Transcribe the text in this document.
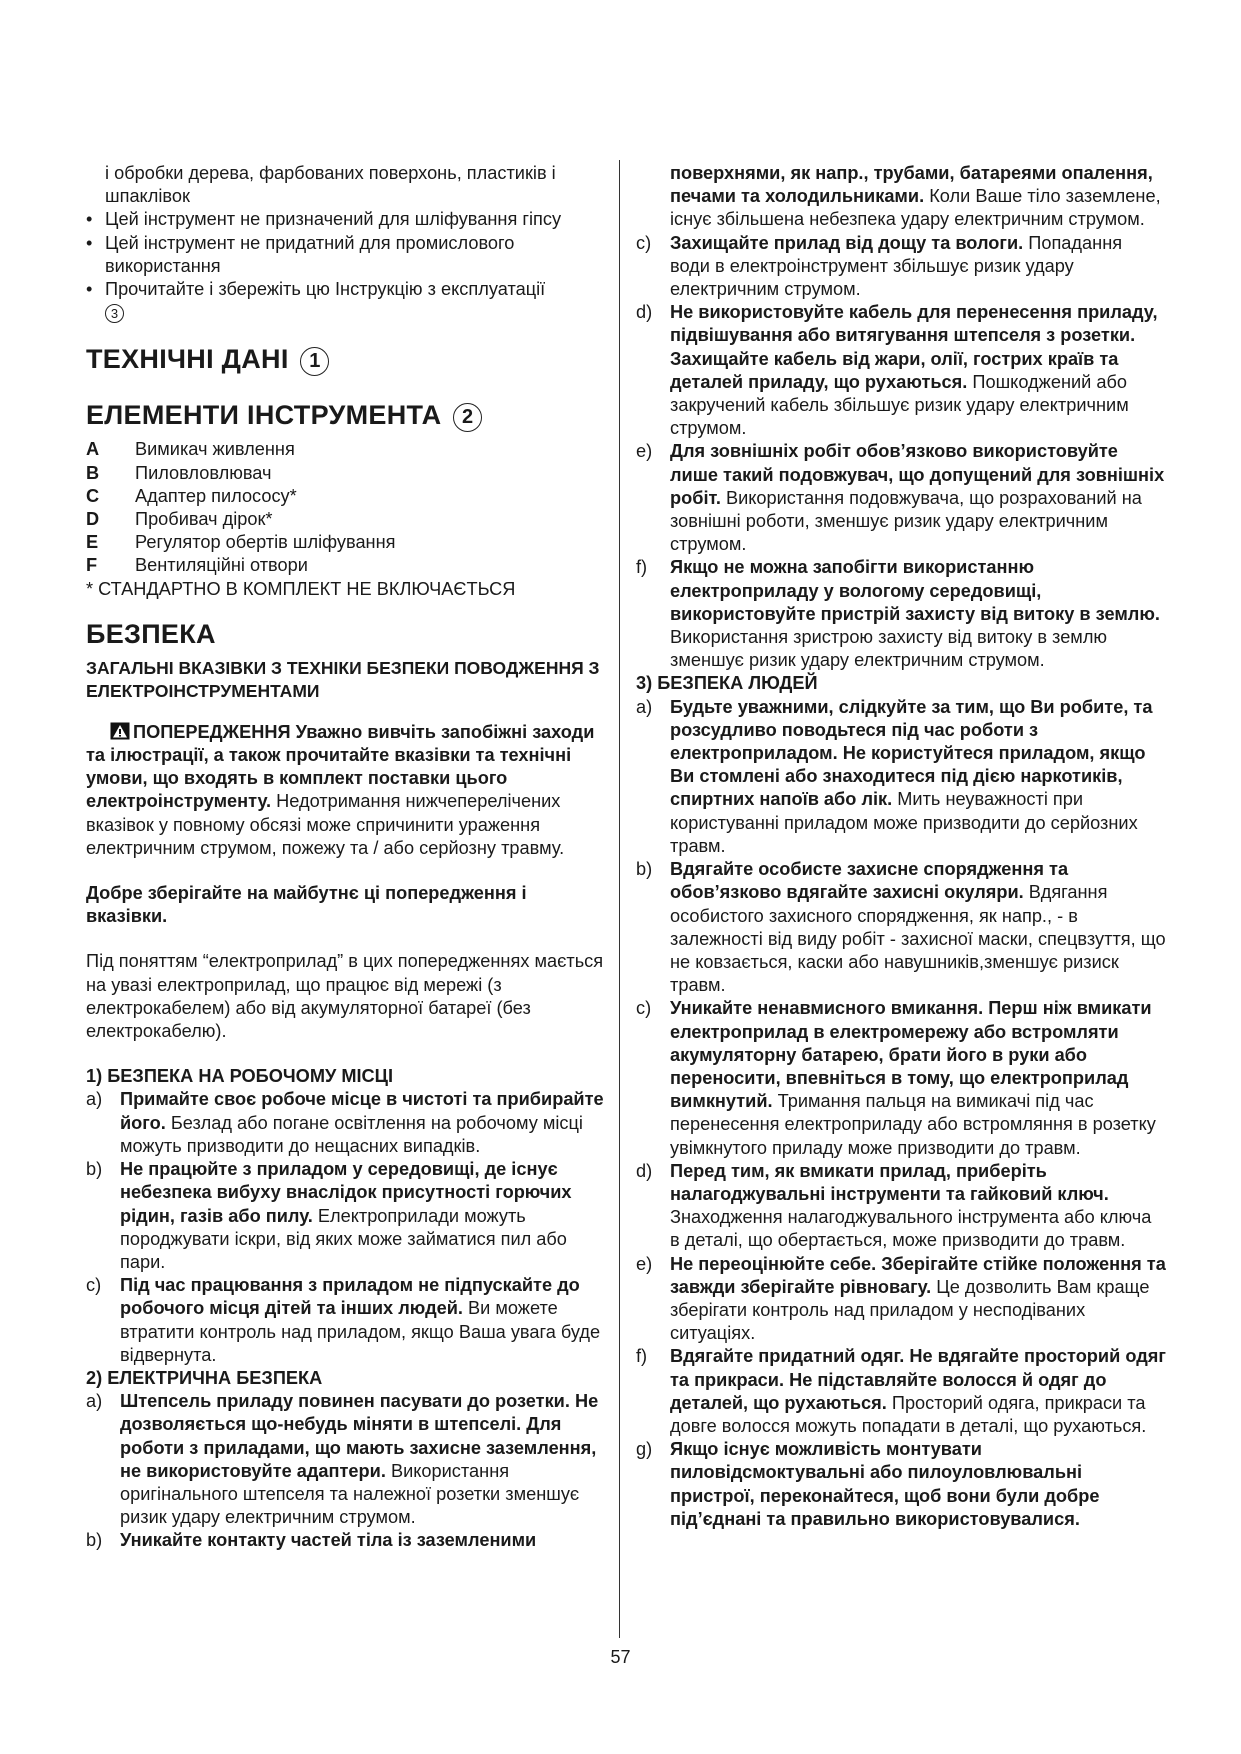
і обробки дерева, фарбованих поверхонь, пластиків і шпаклівок

• Цей інструмент не призначений для шліфування гіпсу

• Цей інструмент не придатний для промислового використання

• Прочитайте і збережіть цю Інструкцію з експлуатації
3

ТЕХНІЧНІ ДАНІ 1
ЕЛЕМЕНТИ ІНСТРУМЕНТА 2
A	Вимикач живлення
B	Пиловловлювач
C	Адаптер пилососу*
D	Пробивач дірок*
E	Регулятор обертів шліфування
F	Вентиляційні отвори

* СТАНДАРТНО В КОМПЛЕКТ НЕ ВКЛЮЧАЄТЬСЯ

БЕЗПЕКА
ЗАГАЛЬНІ ВКАЗІВКИ З ТЕХНІКИ БЕЗПЕКИ ПОВОДЖЕННЯ З ЕЛЕКТРОІНСТРУМЕНТАМИ

ПОПЕРЕДЖЕННЯ Уважно вивчіть запобіжні заходи та ілюстрації, а також прочитайте вказівки та технічні умови, що входять в комплект поставки цього електроінструменту. Недотримання нижчеперелічених вказівок у повному обсязі може спричинити ураження електричним струмом, пожежу та / або серйозну травму.

Добре зберігайте на майбутнє ці попередження і вказівки.

Під поняттям “електроприлад” в цих попередженнях мається на увазі електроприлад, що працює від мережі (з електрокабелем) або від акумуляторної батареї (без електрокабелю).

1) БЕЗПЕКА НА РОБОЧОМУ МІСЦІ

a) Примайте своє робоче місце в чистоті та прибирайте його. Безлад або погане освітлення на робочому місці можуть призводити до нещасних випадків.
b) Не працюйте з приладом у середовищі, де існує небезпека вибуху внаслідок присутності горючих рідин, газів або пилу. Електроприлади можуть породжувати іскри, від яких може займатися пил або пари.
c) Під час працювання з приладом не підпускайте до робочого місця дітей та інших людей. Ви можете втратити контроль над приладом, якщо Ваша увага буде відвернута.

2) ЕЛЕКТРИЧНА БЕЗПЕКА

a) Штепсель приладу повинен пасувати до розетки. Не дозволяється що-небудь міняти в штепселі. Для роботи з приладами, що мають захисне заземлення, не використовуйте адаптери. Використання оригінального штепселя та належної розетки зменшує ризик удару електричним струмом.
b) Уникайте контакту частей тіла із заземленими
поверхнями, як напр., трубами, батареями опалення, печами та холодильниками. Коли Ваше тіло заземлене, існує збільшена небезпека удару електричним струмом.
c) Захищайте прилад від дощу та вологи. Попадання води в електроінструмент збільшує ризик удару електричним струмом.
d) Не використовуйте кабель для перенесення приладу, підвішування або витягування штепселя з розетки. Захищайте кабель від жари, олії, гострих країв та деталей приладу, що рухаються. Пошкоджений або закручений кабель збільшує ризик удару електричним струмом.
e) Для зовнішніх робіт обов’язково використовуйте лише такий подовжувач, що допущений для зовнішніх робіт. Використання подовжувача, що розрахований на зовнішні роботи, зменшує ризик удару електричним струмом.
f) Якщо не можна запобігти використанню електроприладу у вологому середовищі, використовуйте пристрій захисту від витоку в землю. Використання зристрою захисту від витоку в землю зменшує ризик удару електричним струмом.

3) БЕЗПЕКА ЛЮДЕЙ

a) Будьте уважними, слідкуйте за тим, що Ви робите, та розсудливо поводьтеся під час роботи з електроприладом. Не користуйтеся приладом, якщо Ви стомлені або знаходитеся під дією наркотиків, спиртних напоїв або лік. Мить неуважності при користуванні приладом може призводити до серйозних травм.
b) Вдягайте особисте захисне спорядження та обов’язково вдягайте захисні окуляри. Вдягання особистого захисного спорядження, як напр., - в залежності від виду робіт - захисної маски, спецвзуття, що не ковзається, каски або навушників,зменшує ризиск травм.
c) Уникайте ненавмисного вмикання. Перш ніж вмикати електроприлад в електромережу або встромляти акумуляторну батарею, брати його в руки або переносити, впевніться в тому, що електроприлад вимкнутий. Тримання пальця на вимикачі під час перенесення електроприладу або встромляння в розетку увімкнутого приладу може призводити до травм.
d) Перед тим, як вмикати прилад, приберіть налагоджувальні інструменти та гайковий ключ. Знаходження налагоджувального інструмента або ключа в деталі, що обертається, може призводити до травм.
e) Не переоцінюйте себе. Зберігайте стійке положення та завжди зберігайте рівновагу. Це дозволить Вам краще зберігати контроль над приладом у несподіваних ситуаціях.
f) Вдягайте придатний одяг. Не вдягайте просторий одяг та прикраси. Не підставляйте волосся й одяг до деталей, що рухаються. Просторий одяга, прикраси та довге волосся можуть попадати в деталі, що рухаються.
g) Якщо існує можливість монтувати пиловідсмоктувальні або пилоуловлювальні пристрої, переконайтеся, щоб вони були добре під’єднані та правильно використовувалися.
57
